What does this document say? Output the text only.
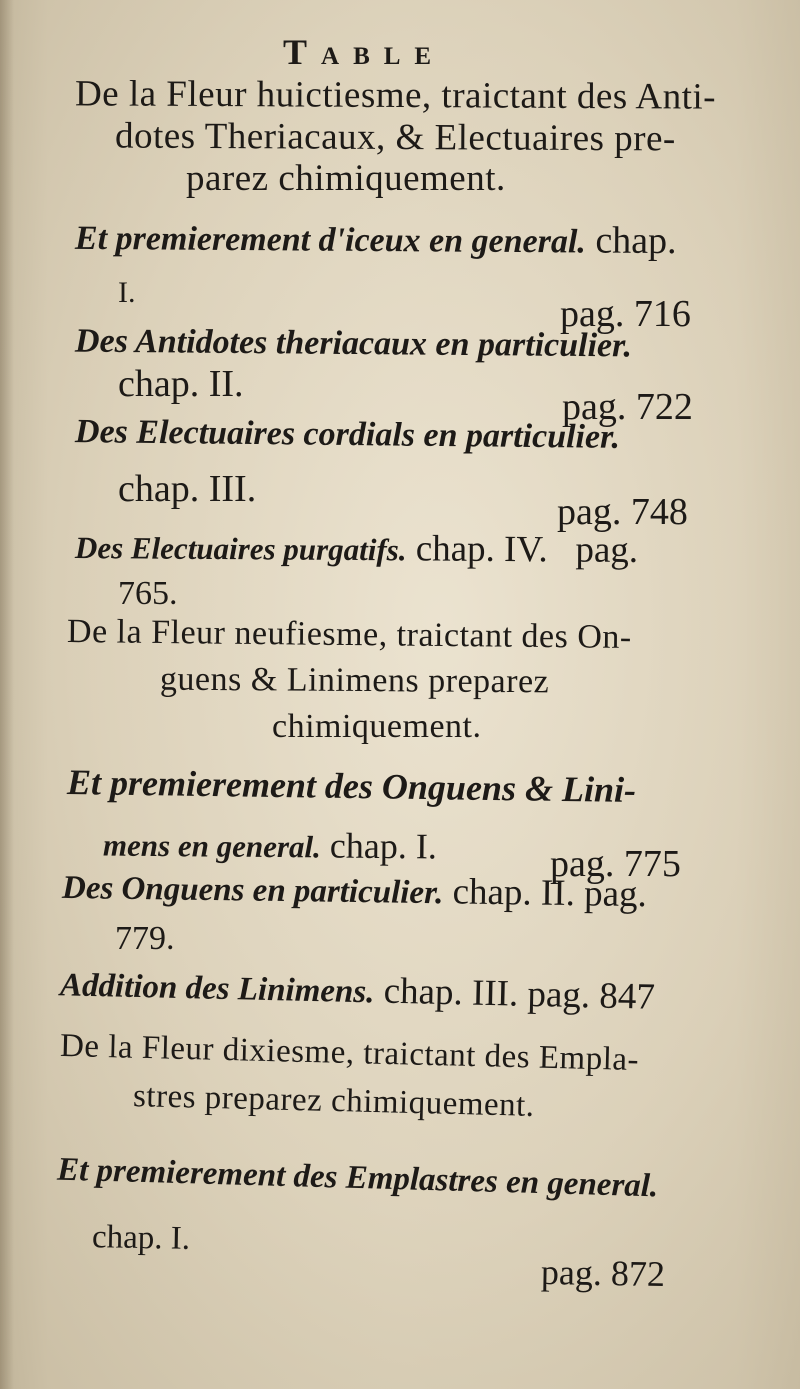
Table
De la Fleur huictiesme, traictant des Anti-
dotes Theriacaux, & Electuaires pre-
parez chimiquement.
Et premierement d'iceux en general. chap.
I.
pag. 716
Des Antidotes theriacaux en particulier.
chap. II.
pag. 722
Des Electuaires cordials en particulier.
chap. III.
pag. 748
Des Electuaires purgatifs. chap. IV.   pag.
765.
De la Fleur neufiesme, traictant des On-
guens & Linimens preparez
chimiquement.
Et premierement des Onguens & Lini-
mens en general. chap. I.	pag. 775
Des Onguens en particulier. chap. II. pag.
779.
Addition des Linimens. chap. III. pag. 847
De la Fleur dixiesme, traictant des Empla-
stres preparez chimiquement.
Et premierement des Emplastres en general.
chap. I.
pag. 872
